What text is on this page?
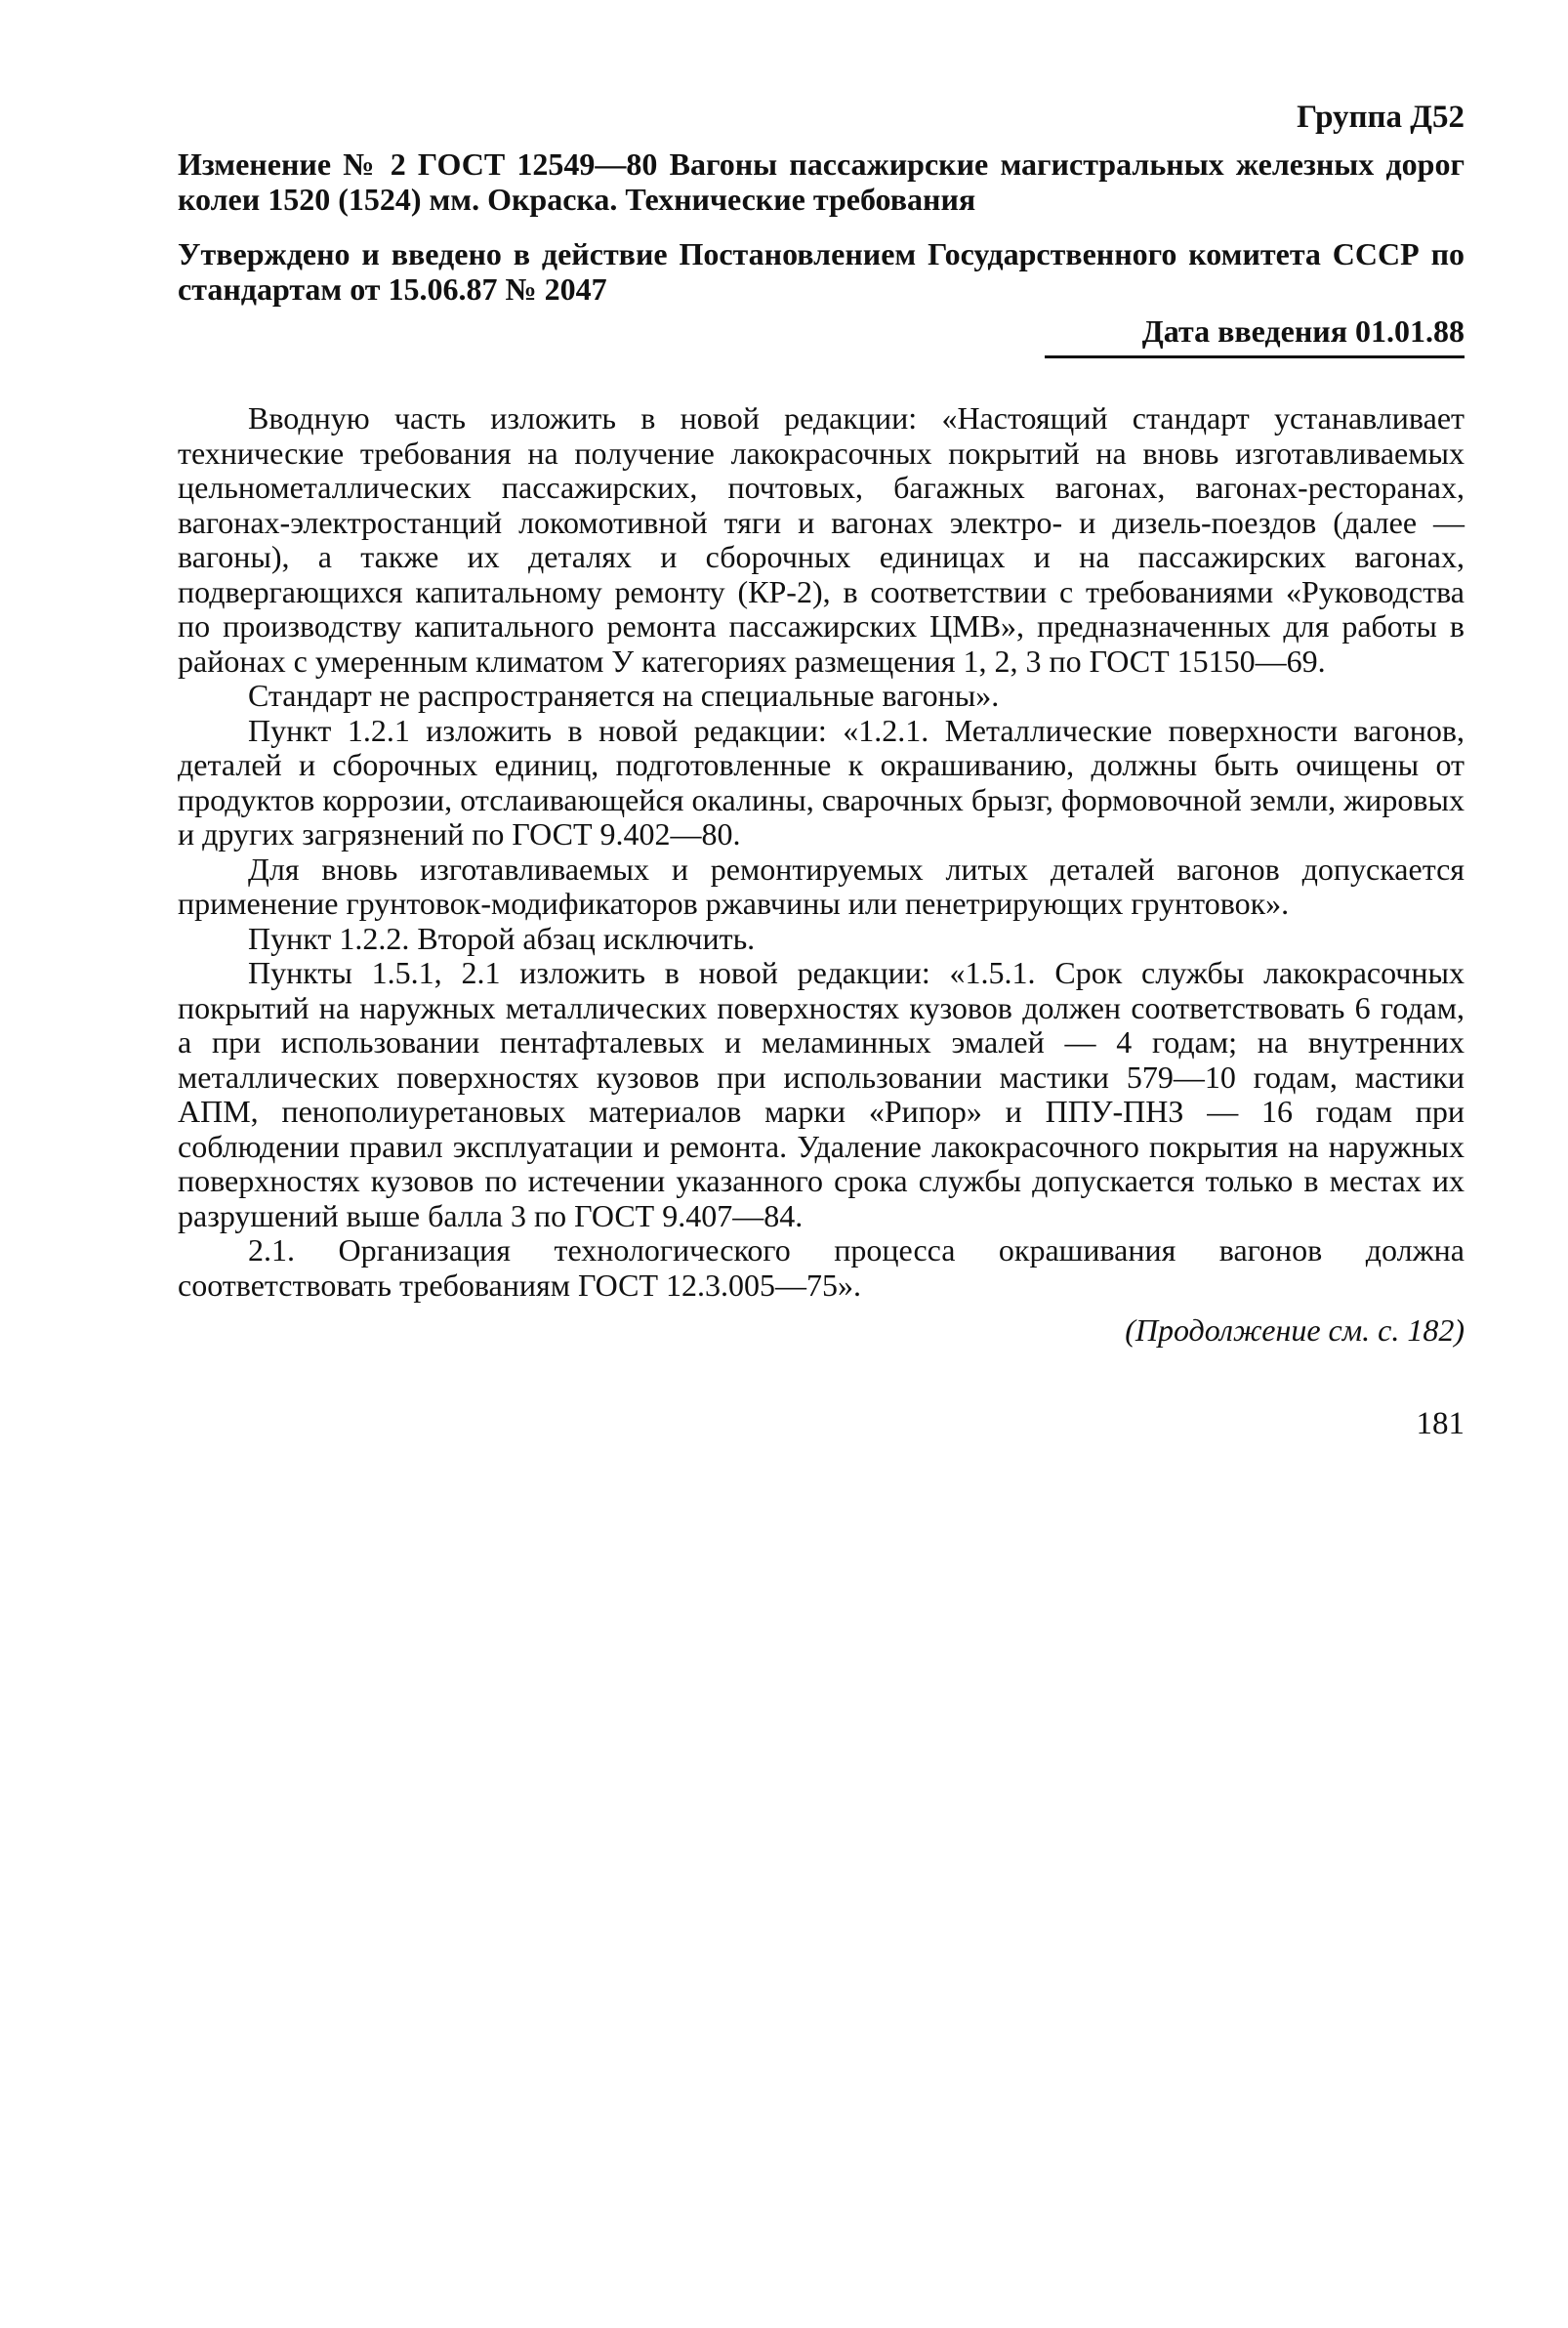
Группа Д52
Изменение № 2 ГОСТ 12549—80 Вагоны пассажирские магистральных железных дорог колеи 1520 (1524) мм. Окраска. Технические требования
Утверждено и введено в действие Постановлением Государственного комитета СССР по стандартам от 15.06.87 № 2047
Дата введения 01.01.88

Вводную часть изложить в новой редакции: «Настоящий стандарт устанавливает технические требования на получение лакокрасочных покрытий на вновь изготавливаемых цельнометаллических пассажирских, почтовых, багажных вагонах, вагонах-ресторанах, вагонах-электростанций локомотивной тяги и вагонах электро- и дизель-поездов (далее — вагоны), а также их деталях и сборочных единицах и на пассажирских вагонах, подвергающихся капитальному ремонту (КР-2), в соответствии с требованиями «Руководства по производству капитального ремонта пассажирских ЦМВ», предназначенных для работы в районах с умеренным климатом У категориях размещения 1, 2, 3 по ГОСТ 15150—69.

Стандарт не распространяется на специальные вагоны».

Пункт 1.2.1 изложить в новой редакции: «1.2.1. Металлические поверхности вагонов, деталей и сборочных единиц, подготовленные к окрашиванию, должны быть очищены от продуктов коррозии, отслаивающейся окалины, сварочных брызг, формовочной земли, жировых и других загрязнений по ГОСТ 9.402—80.

Для вновь изготавливаемых и ремонтируемых литых деталей вагонов допускается применение грунтовок-модификаторов ржавчины или пенетрирующих грунтовок».

Пункт 1.2.2. Второй абзац исключить.

Пункты 1.5.1, 2.1 изложить в новой редакции: «1.5.1. Срок службы лакокрасочных покрытий на наружных металлических поверхностях кузовов должен соответствовать 6 годам, а при использовании пентафталевых и меламинных эмалей — 4 годам; на внутренних металлических поверхностях кузовов при использовании мастики 579—10 годам, мастики АПМ, пенополиуретановых материалов марки «Рипор» и ППУ-ПНЗ — 16 годам при соблюдении правил эксплуатации и ремонта. Удаление лакокрасочного покрытия на наружных поверхностях кузовов по истечении указанного срока службы допускается только в местах их разрушений выше балла 3 по ГОСТ 9.407—84.

2.1. Организация технологического процесса окрашивания вагонов должна соответствовать требованиям ГОСТ 12.3.005—75».

(Продолжение см. с. 182)
181
